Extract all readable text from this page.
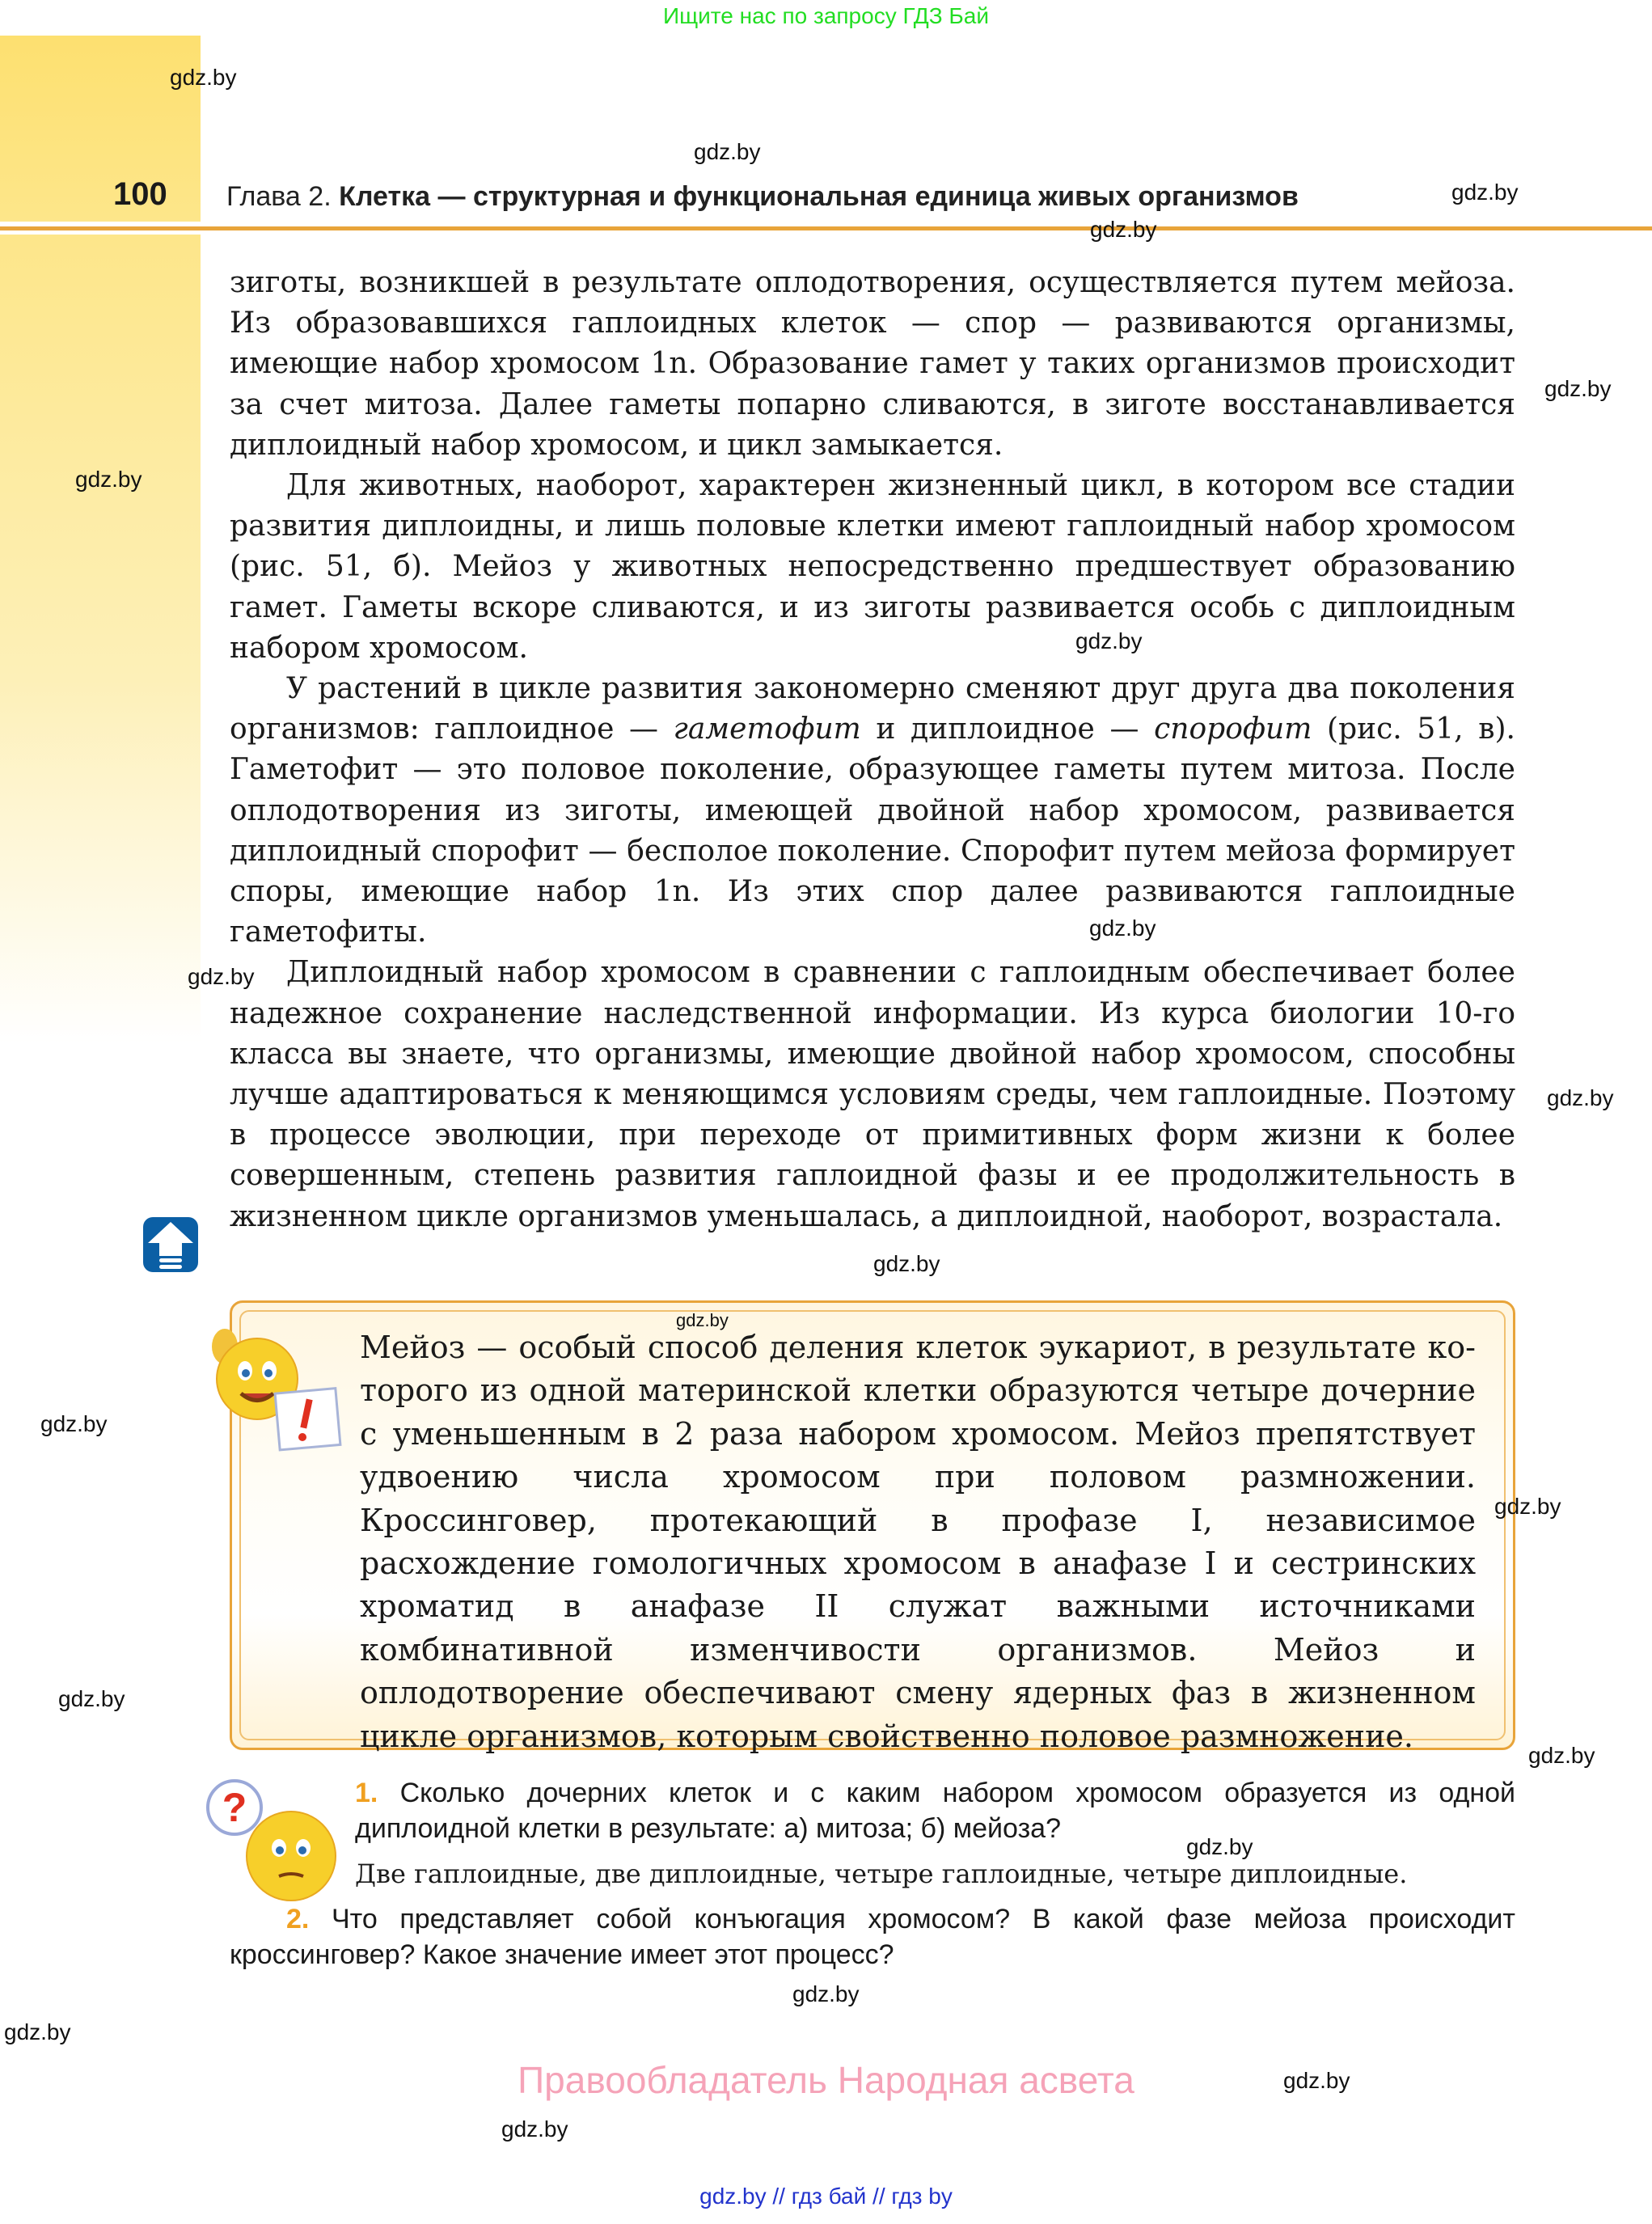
Ищите нас по запросу ГДЗ Бай
100 Глава 2. Клетка — структурная и функциональная единица живых организмов

зиготы, возникшей в результате оплодотворения, осуществляется путем мейоза. Из образовавшихся гаплоидных клеток — спор — развиваются организмы, имеющие набор хромосом 1n. Образование гамет у таких организмов происходит за счет митоза. Далее гаметы попарно сливаются, в зиготе восстанавливается диплоидный набор хромосом, и цикл замыкается.

Для животных, наоборот, характерен жизненный цикл, в котором все стадии развития диплоидны, и лишь половые клетки имеют гаплоидный набор хромосом (рис. 51, б). Мейоз у животных непосредственно предшествует образованию гамет. Гаметы вскоре сливаются, и из зиготы развивается особь с диплоидным набором хромосом.

У растений в цикле развития закономерно сменяют друг друга два поколения организмов: гаплоидное — гаметофит и диплоидное — спорофит (рис. 51, в). Гаметофит — это половое поколение, образующее гаметы путем митоза. После оплодотворения из зиготы, имеющей двойной набор хромосом, развивается диплоидный спорофит — бесполое поколение. Спорофит путем мейоза формирует споры, имеющие набор 1n. Из этих спор далее развиваются гаплоидные гаметофиты.

Диплоидный набор хромосом в сравнении с гаплоидным обеспечивает более надежное сохранение наследственной информации. Из курса биологии 10-го класса вы знаете, что организмы, имеющие двойной набор хромосом, способны лучше адаптироваться к меняющимся условиям среды, чем гаплоидные. Поэтому в процессе эволюции, при переходе от примитивных форм жизни к более совершенным, степень развития гаплоидной фазы и ее продолжительность в жизненном цикле организмов уменьшалась, а диплоидной, наоборот, возрастала.

Мейоз — особый способ деления клеток эукариот, в результате которого из одной материнской клетки образуются четыре дочерние с уменьшенным в 2 раза набором хромосом. Мейоз препятствует удвоению числа хромосом при половом размножении. Кроссинговер, протекающий в профазе I, независимое расхождение гомологичных хромосом в анафазе I и сестринских хроматид в анафазе II служат важными источниками комбинативной изменчивости организмов. Мейоз и оплодотворение обеспечивают смену ядерных фаз в жизненном цикле организмов, которым свойственно половое размножение.

?	1. Сколько дочерних клеток и с каким набором хромосом образуется из одной диплоидной клетки в результате: а) митоза; б) мейоза?

Две гаплоидные, две диплоидные, четыре гаплоидные, четыре диплоидные.

2. Что представляет собой конъюгация хромосом? В какой фазе мейоза происходит кроссинговер? Какое значение имеет этот процесс?

Правообладатель Народная асвета
gdz.by // гдз бай // гдз by
gdz.by
gdz.by
gdz.by
gdz.by
gdz.by
gdz.by
gdz.by
gdz.by
gdz.by
gdz.by
gdz.by
gdz.by
gdz.by
gdz.by
gdz.by
gdz.by
gdz.by
gdz.by
gdz.by
gdz.by
gdz.by
